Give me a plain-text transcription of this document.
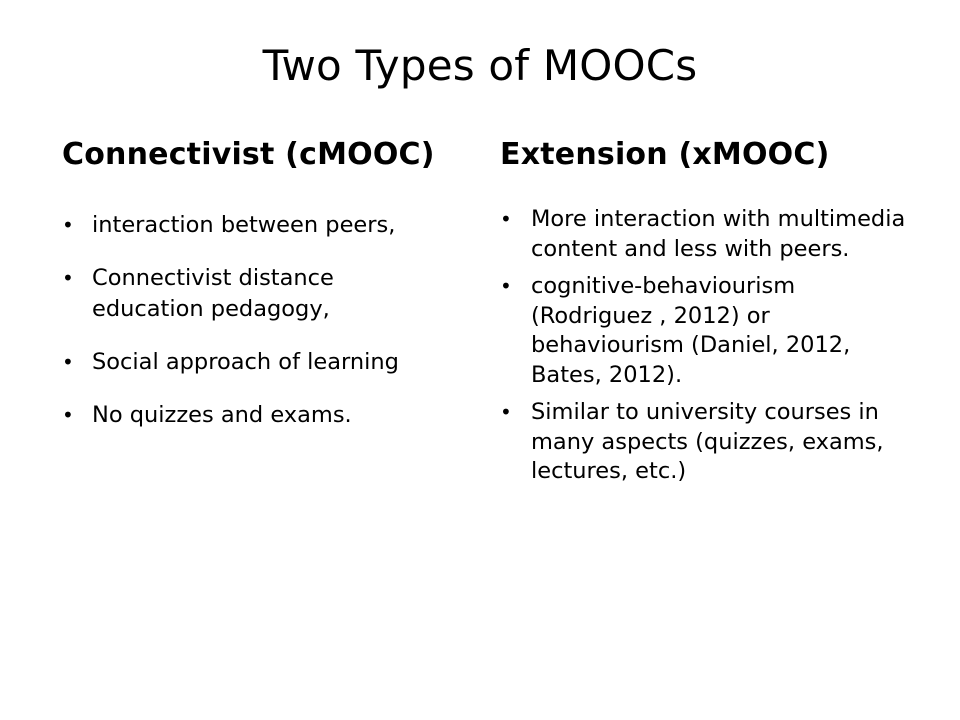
Two Types of MOOCs
Connectivist (cMOOC)
• interaction between peers,
• Connectivist distance education pedagogy,
• Social approach of learning
• No quizzes and exams.
Extension (xMOOC)
• More interaction with multimedia content and less with peers.
• cognitive-behaviourism (Rodriguez , 2012) or behaviourism (Daniel, 2012, Bates, 2012).
• Similar to university courses in many aspects (quizzes, exams, lectures, etc.)
